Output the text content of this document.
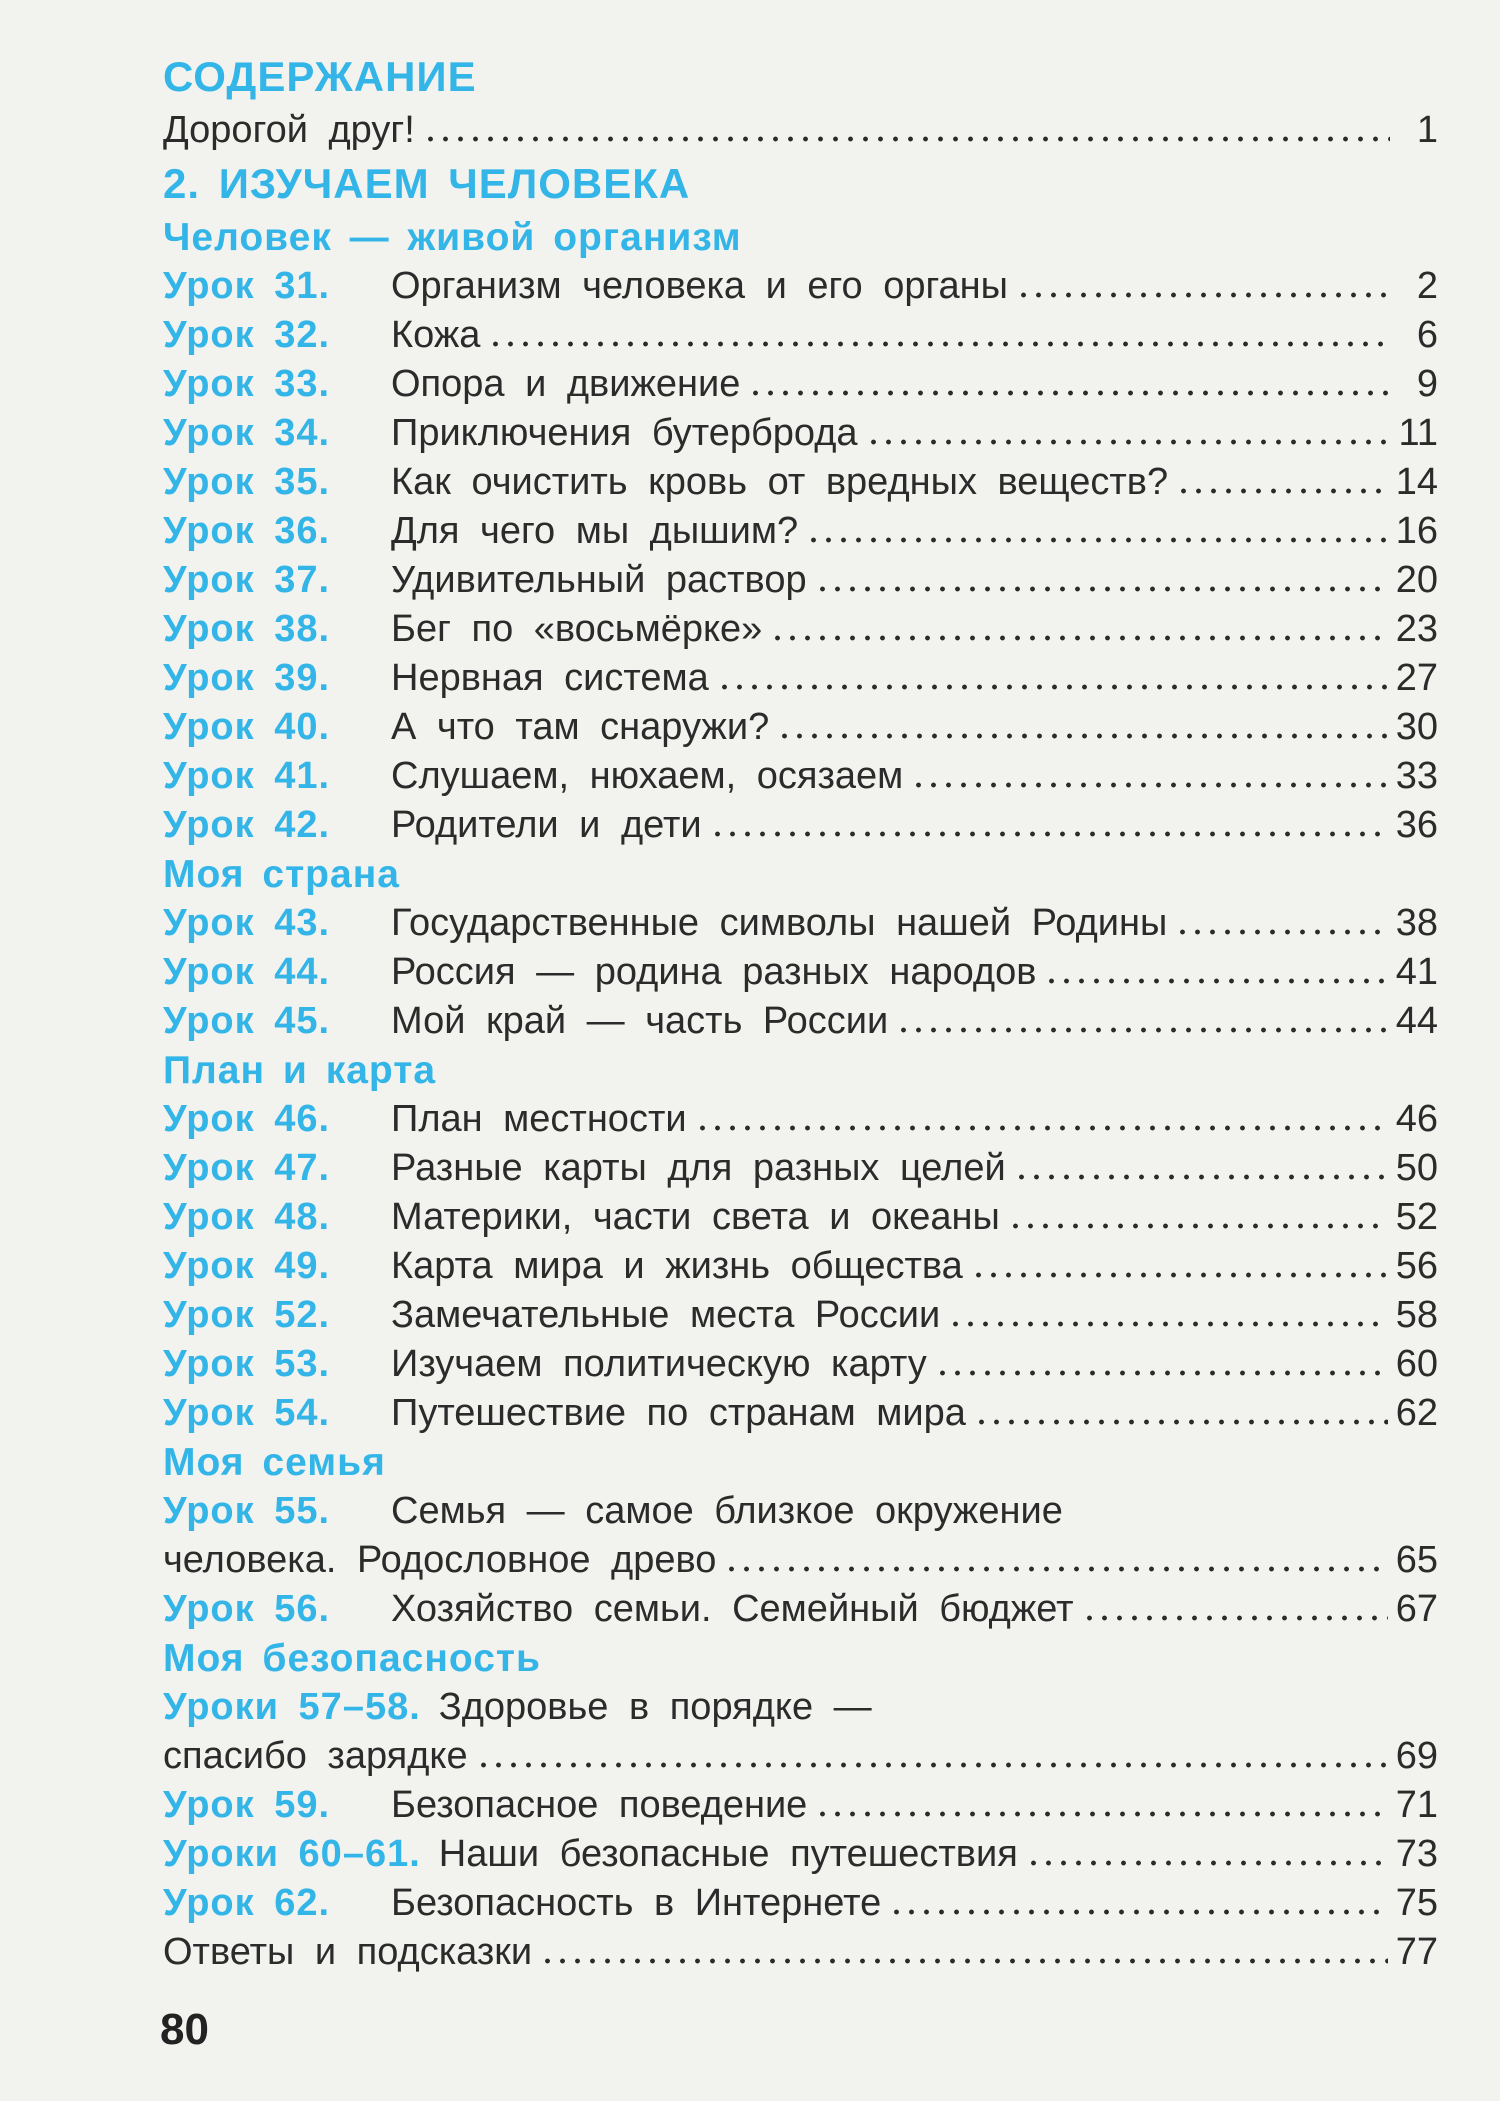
СОДЕРЖАНИЕ
Дорогой друг!	1
2. ИЗУЧАЕМ ЧЕЛОВЕКА
Человек — живой организм
Урок 31.	Организм человека и его органы	2
Урок 32.	Кожа	6
Урок 33.	Опора и движение	9
Урок 34.	Приключения бутерброда	11
Урок 35.	Как очистить кровь от вредных веществ?	14
Урок 36.	Для чего мы дышим?	16
Урок 37.	Удивительный раствор	20
Урок 38.	Бег по «восьмёрке»	23
Урок 39.	Нервная система	27
Урок 40.	А что там снаружи?	30
Урок 41.	Слушаем, нюхаем, осязаем	33
Урок 42.	Родители и дети	36
Моя страна
Урок 43.	Государственные символы нашей Родины	38
Урок 44.	Россия — родина разных народов	41
Урок 45.	Мой край — часть России	44
План и карта
Урок 46.	План местности	46
Урок 47.	Разные карты для разных целей	50
Урок 48.	Материки, части света и океаны	52
Урок 49.	Карта мира и жизнь общества	56
Урок 52.	Замечательные места России	58
Урок 53.	Изучаем политическую карту	60
Урок 54.	Путешествие по странам мира	62
Моя семья
Урок 55.	Семья — самое близкое окружение
человека. Родословное древо	65
Урок 56.	Хозяйство семьи. Семейный бюджет	67
Моя безопасность
Уроки 57–58. Здоровье в порядке —
спасибо зарядке	69
Урок 59.	Безопасное поведение	71
Уроки 60–61. Наши безопасные путешествия	73
Урок 62.	Безопасность в Интернете	75
Ответы и подсказки	77
80
